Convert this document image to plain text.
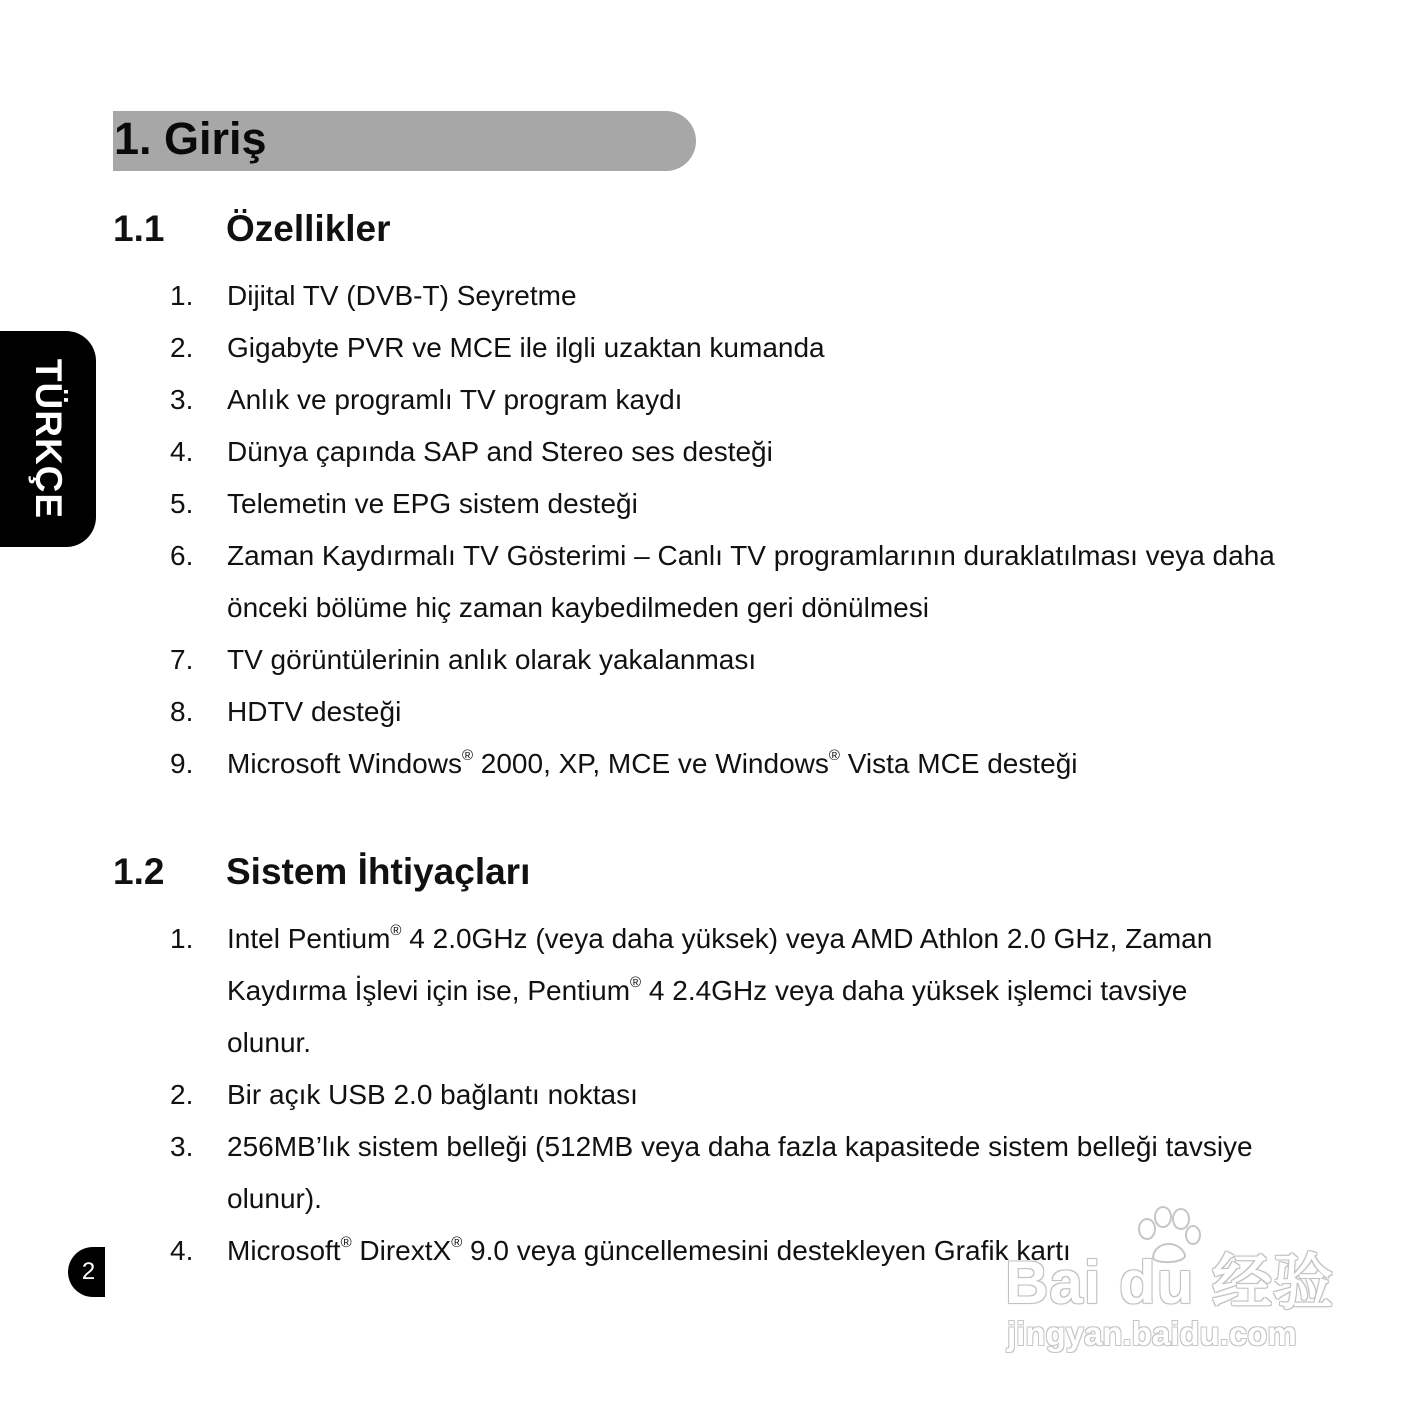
1. Giriş
TÜRKÇE
1.1 Özellikler
1. Dijital TV (DVB-T) Seyretme
2. Gigabyte PVR ve MCE ile ilgli uzaktan kumanda
3. Anlık ve programlı TV program kaydı
4. Dünya çapında SAP and Stereo ses desteği
5. Telemetin ve EPG sistem desteği
6. Zaman Kaydırmalı TV Gösterimi – Canlı TV programlarının duraklatılması veya daha önceki bölüme hiç zaman kaybedilmeden geri dönülmesi
7. TV görüntülerinin anlık olarak yakalanması
8. HDTV desteği
9. Microsoft Windows® 2000, XP, MCE ve Windows® Vista MCE desteği
1.2 Sistem İhtiyaçları
1. Intel Pentium® 4 2.0GHz (veya daha yüksek) veya AMD Athlon 2.0 GHz, Zaman Kaydırma İşlevi için ise, Pentium® 4 2.4GHz veya daha yüksek işlemci tavsiye olunur.
2. Bir açık USB 2.0 bağlantı noktası
3. 256MB’lık sistem belleği (512MB veya daha fazla kapasitede sistem belleği tavsiye olunur).
4. Microsoft® DirextX® 9.0 veya güncellemesini destekleyen Grafik kartı
2	Bai du 经验
jingyan.baidu.com
